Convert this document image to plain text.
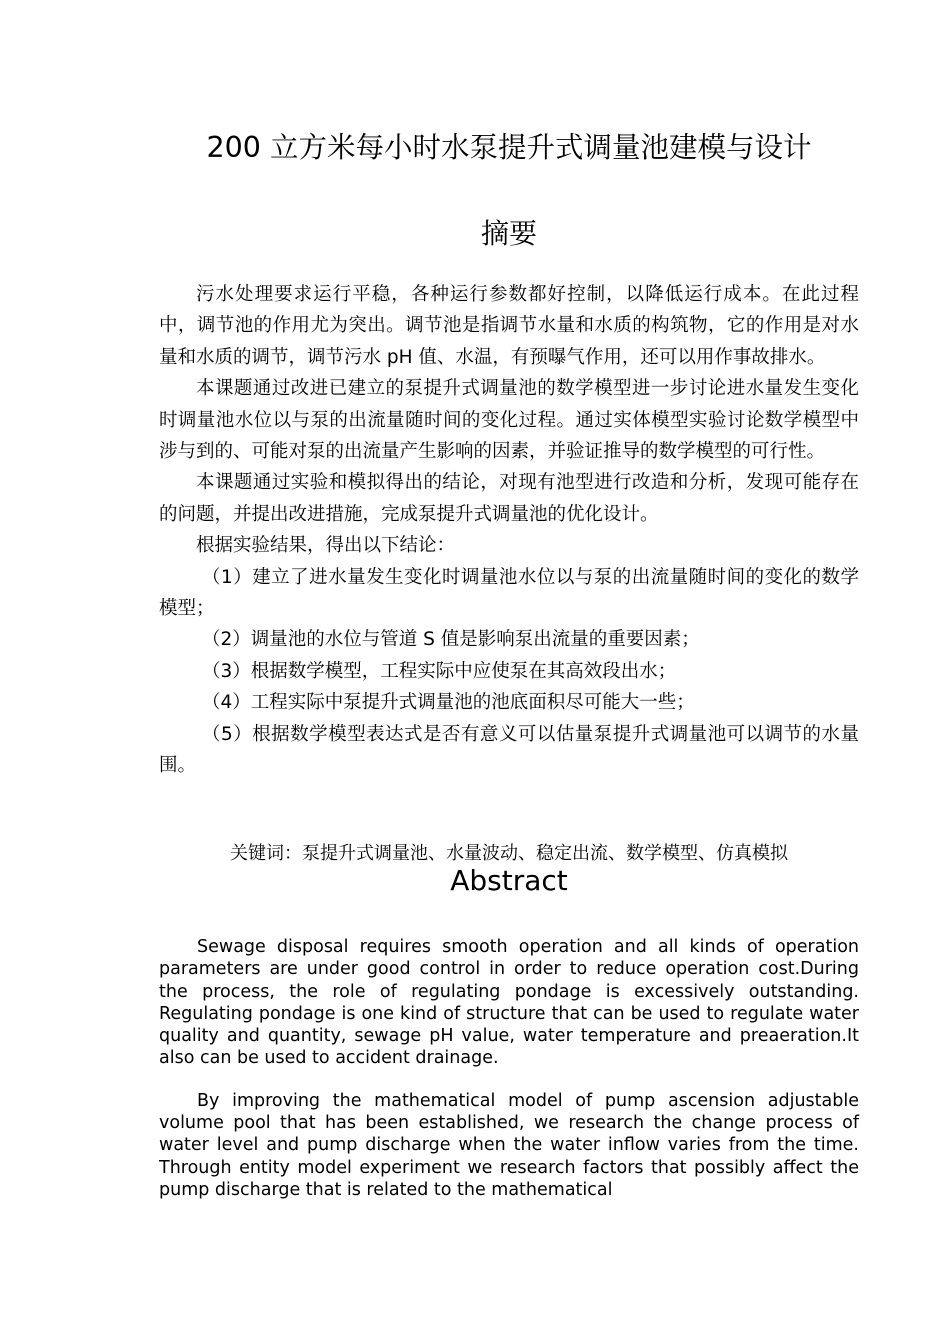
200 立方米每小时水泵提升式调量池建模与设计
摘要

污水处理要求运行平稳，各种运行参数都好控制，以降低运行成本。在此过程中，调节池的作用尤为突出。调节池是指调节水量和水质的构筑物，它的作用是对水量和水质的调节，调节污水 pH 值、水温，有预曝气作用，还可以用作事故排水。

本课题通过改进已建立的泵提升式调量池的数学模型进一步讨论进水量发生变化时调量池水位以与泵的出流量随时间的变化过程。通过实体模型实验讨论数学模型中涉与到的、可能对泵的出流量产生影响的因素，并验证推导的数学模型的可行性。

本课题通过实验和模拟得出的结论，对现有池型进行改造和分析，发现可能存在的问题，并提出改进措施，完成泵提升式调量池的优化设计。

根据实验结果，得出以下结论：

（1）建立了进水量发生变化时调量池水位以与泵的出流量随时间的变化的数学模型；

（2）调量池的水位与管道 S 值是影响泵出流量的重要因素；

（3）根据数学模型，工程实际中应使泵在其高效段出水；

（4）工程实际中泵提升式调量池的池底面积尽可能大一些；

（5）根据数学模型表达式是否有意义可以估量泵提升式调量池可以调节的水量围。

关键词：泵提升式调量池、水量波动、稳定出流、数学模型、仿真模拟
Abstract

Sewage disposal requires smooth operation and all kinds of operation parameters are under good control in order to reduce operation cost.During the process, the role of regulating pondage is excessively outstanding. Regulating pondage is one kind of structure that can be used to regulate water quality and quantity, sewage pH value, water temperature and preaeration.It also can be used to accident drainage.

By improving the mathematical model of pump ascension adjustable volume pool that has been established, we research the change process of water level and pump discharge when the water inflow varies from the time. Through entity model experiment we research factors that possibly affect the pump discharge that is related to the mathematical
